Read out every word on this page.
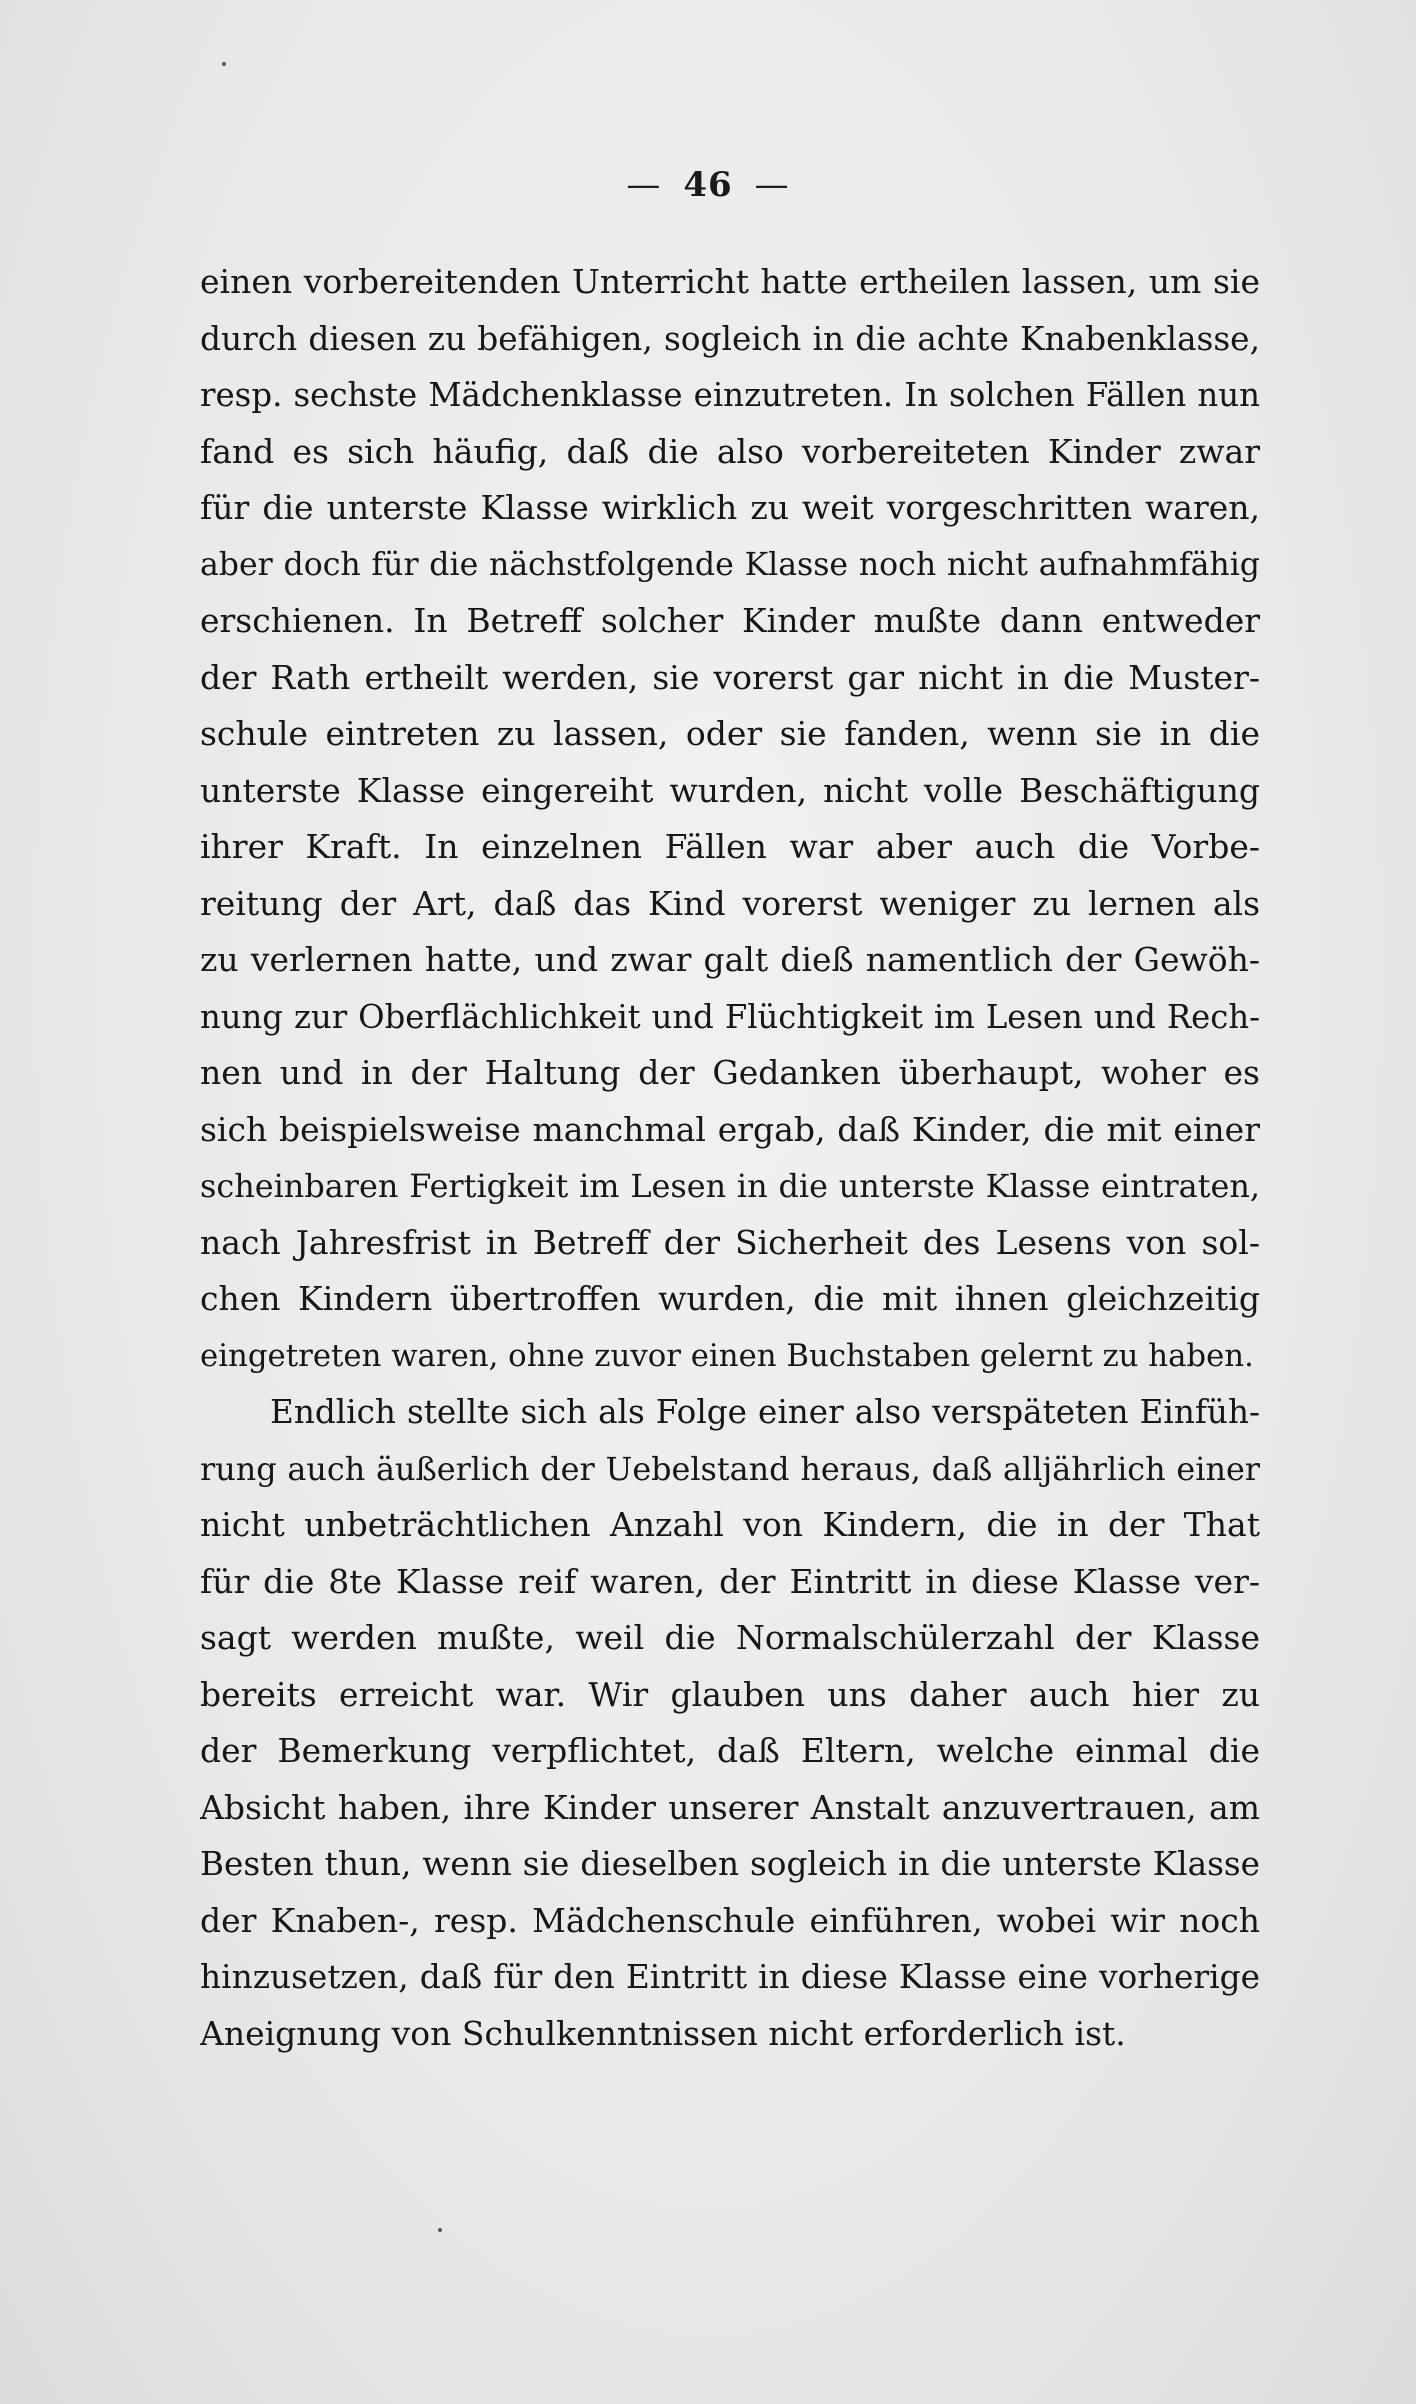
— 46 —
einen vorbereitenden Unterricht hatte ertheilen lassen, um sie
durch diesen zu befähigen, sogleich in die achte Knabenklasse,
resp. sechste Mädchenklasse einzutreten. In solchen Fällen nun
fand es sich häufig, daß die also vorbereiteten Kinder zwar
für die unterste Klasse wirklich zu weit vorgeschritten waren,
aber doch für die nächstfolgende Klasse noch nicht aufnahmfähig
erschienen. In Betreff solcher Kinder mußte dann entweder
der Rath ertheilt werden, sie vorerst gar nicht in die Muster-
schule eintreten zu lassen, oder sie fanden, wenn sie in die
unterste Klasse eingereiht wurden, nicht volle Beschäftigung
ihrer Kraft. In einzelnen Fällen war aber auch die Vorbe-
reitung der Art, daß das Kind vorerst weniger zu lernen als
zu verlernen hatte, und zwar galt dieß namentlich der Gewöh-
nung zur Oberflächlichkeit und Flüchtigkeit im Lesen und Rech-
nen und in der Haltung der Gedanken überhaupt, woher es
sich beispielsweise manchmal ergab, daß Kinder, die mit einer
scheinbaren Fertigkeit im Lesen in die unterste Klasse eintraten,
nach Jahresfrist in Betreff der Sicherheit des Lesens von sol-
chen Kindern übertroffen wurden, die mit ihnen gleichzeitig
eingetreten waren, ohne zuvor einen Buchstaben gelernt zu haben.
Endlich stellte sich als Folge einer also verspäteten Einfüh-
rung auch äußerlich der Uebelstand heraus, daß alljährlich einer
nicht unbeträchtlichen Anzahl von Kindern, die in der That
für die 8te Klasse reif waren, der Eintritt in diese Klasse ver-
sagt werden mußte, weil die Normalschülerzahl der Klasse
bereits erreicht war. Wir glauben uns daher auch hier zu
der Bemerkung verpflichtet, daß Eltern, welche einmal die
Absicht haben, ihre Kinder unserer Anstalt anzuvertrauen, am
Besten thun, wenn sie dieselben sogleich in die unterste Klasse
der Knaben-, resp. Mädchenschule einführen, wobei wir noch
hinzusetzen, daß für den Eintritt in diese Klasse eine vorherige
Aneignung von Schulkenntnissen nicht erforderlich ist.
